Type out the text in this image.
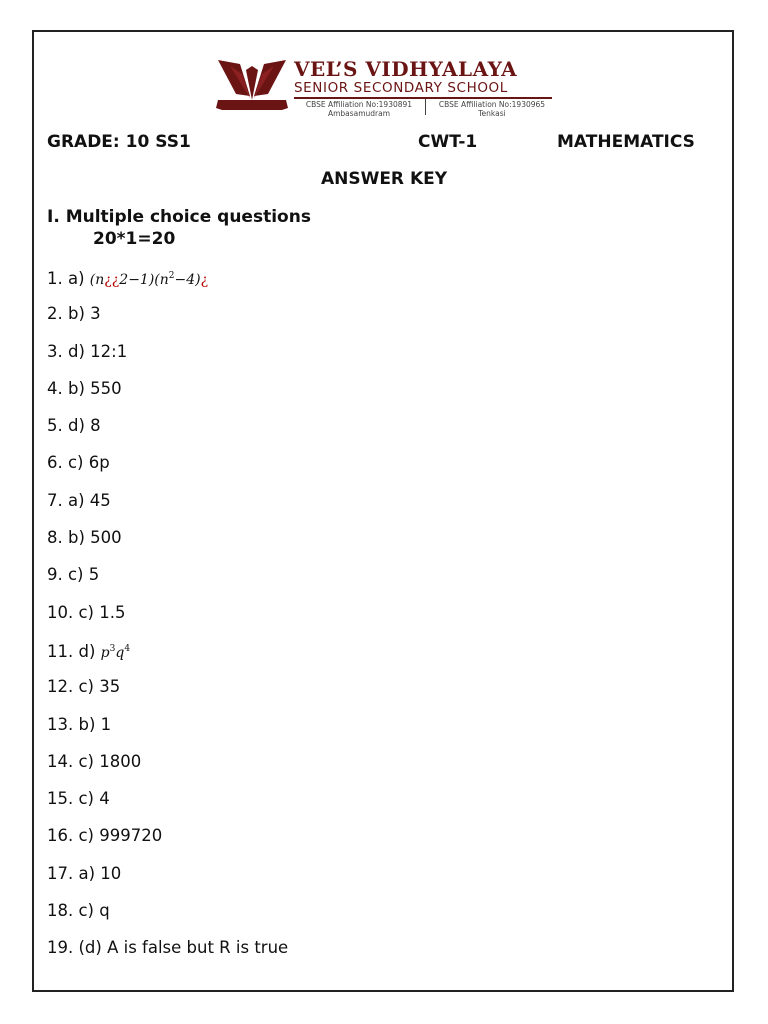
VEL’S VIDHYALAYA
SENIOR SECONDARY SCHOOL
CBSE Affiliation No:1930891
Ambasamudram
CBSE Affiliation No:1930965
Tenkasi
GRADE: 10 SS1	CWT-1	MATHEMATICS
ANSWER KEY
I. Multiple choice questions
20*1=20
1. a) $(n¿¿2-1)(n^2-4)¿$
2. b) 3
3. d) 12:1
4. b) 550
5. d) 8
6. c) 6p
7. a) 45
8. b) 500
9. c) 5
10. c) 1.5
11. d) $p^3q^4$
12. c) 35
13. b) 1
14. c) 1800
15. c) 4
16. c) 999720
17. a) 10
18. c) q
19. (d) A is false but R is true
